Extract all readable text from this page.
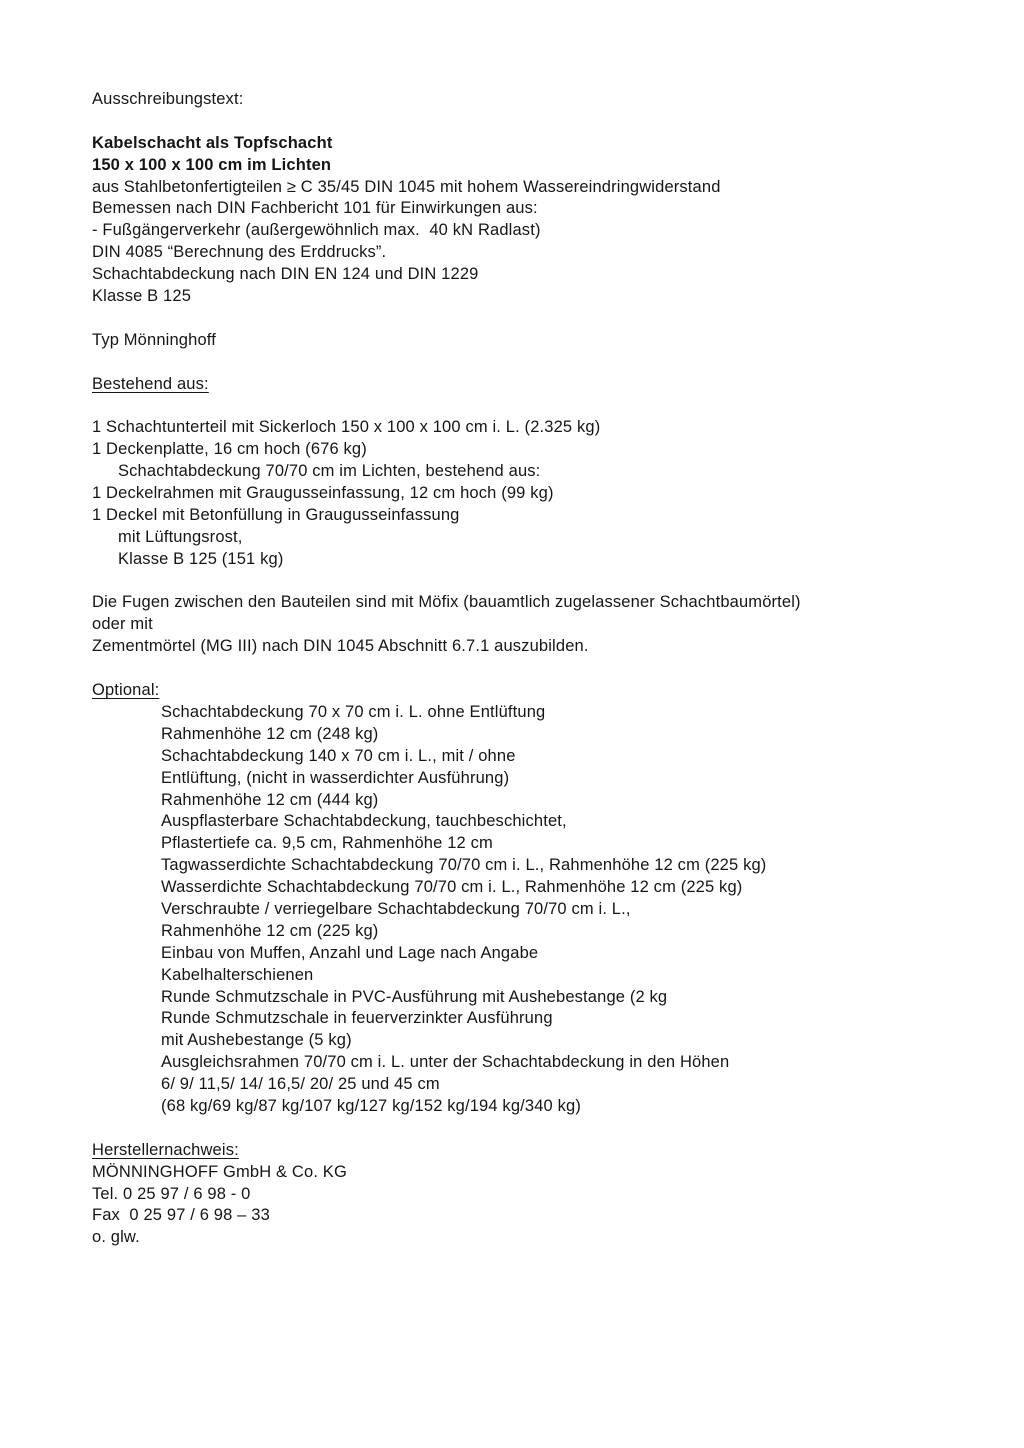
Ausschreibungstext:
Kabelschacht als Topfschacht
150 x 100 x 100 cm im Lichten
aus Stahlbetonfertigteilen ≥ C 35/45 DIN 1045 mit hohem Wassereindringwiderstand
Bemessen nach DIN Fachbericht 101 für Einwirkungen aus:
- Fußgängerverkehr (außergewöhnlich max.  40 kN Radlast)
DIN 4085 “Berechnung des Erddrucks”.
Schachtabdeckung nach DIN EN 124 und DIN 1229
Klasse B 125
Typ Mönninghoff
Bestehend aus:
1 Schachtunterteil mit Sickerloch 150 x 100 x 100 cm i. L. (2.325 kg)
1 Deckenplatte, 16 cm hoch (676 kg)
Schachtabdeckung 70/70 cm im Lichten, bestehend aus:
1 Deckelrahmen mit Graugusseinfassung, 12 cm hoch (99 kg)
1 Deckel mit Betonfüllung in Graugusseinfassung
mit Lüftungsrost,
Klasse B 125 (151 kg)
Die Fugen zwischen den Bauteilen sind mit Möfix (bauamtlich zugelassener Schachtbaumörtel)
oder mit
Zementmörtel (MG III) nach DIN 1045 Abschnitt 6.7.1 auszubilden.
Optional:
Schachtabdeckung 70 x 70 cm i. L. ohne Entlüftung
Rahmenhöhe 12 cm (248 kg)
Schachtabdeckung 140 x 70 cm i. L., mit / ohne
Entlüftung, (nicht in wasserdichter Ausführung)
Rahmenhöhe 12 cm (444 kg)
Auspflasterbare Schachtabdeckung, tauchbeschichtet,
Pflastertiefe ca. 9,5 cm, Rahmenhöhe 12 cm
Tagwasserdichte Schachtabdeckung 70/70 cm i. L., Rahmenhöhe 12 cm (225 kg)
Wasserdichte Schachtabdeckung 70/70 cm i. L., Rahmenhöhe 12 cm (225 kg)
Verschraubte / verriegelbare Schachtabdeckung 70/70 cm i. L.,
Rahmenhöhe 12 cm (225 kg)
Einbau von Muffen, Anzahl und Lage nach Angabe
Kabelhalterschienen
Runde Schmutzschale in PVC-Ausführung mit Aushebestange (2 kg
Runde Schmutzschale in feuerverzinkter Ausführung
mit Aushebestange (5 kg)
Ausgleichsrahmen 70/70 cm i. L. unter der Schachtabdeckung in den Höhen
6/ 9/ 11,5/ 14/ 16,5/ 20/ 25 und 45 cm
(68 kg/69 kg/87 kg/107 kg/127 kg/152 kg/194 kg/340 kg)
Herstellernachweis:
MÖNNINGHOFF GmbH & Co. KG
Tel. 0 25 97 / 6 98 - 0
Fax  0 25 97 / 6 98 – 33
o. glw.
